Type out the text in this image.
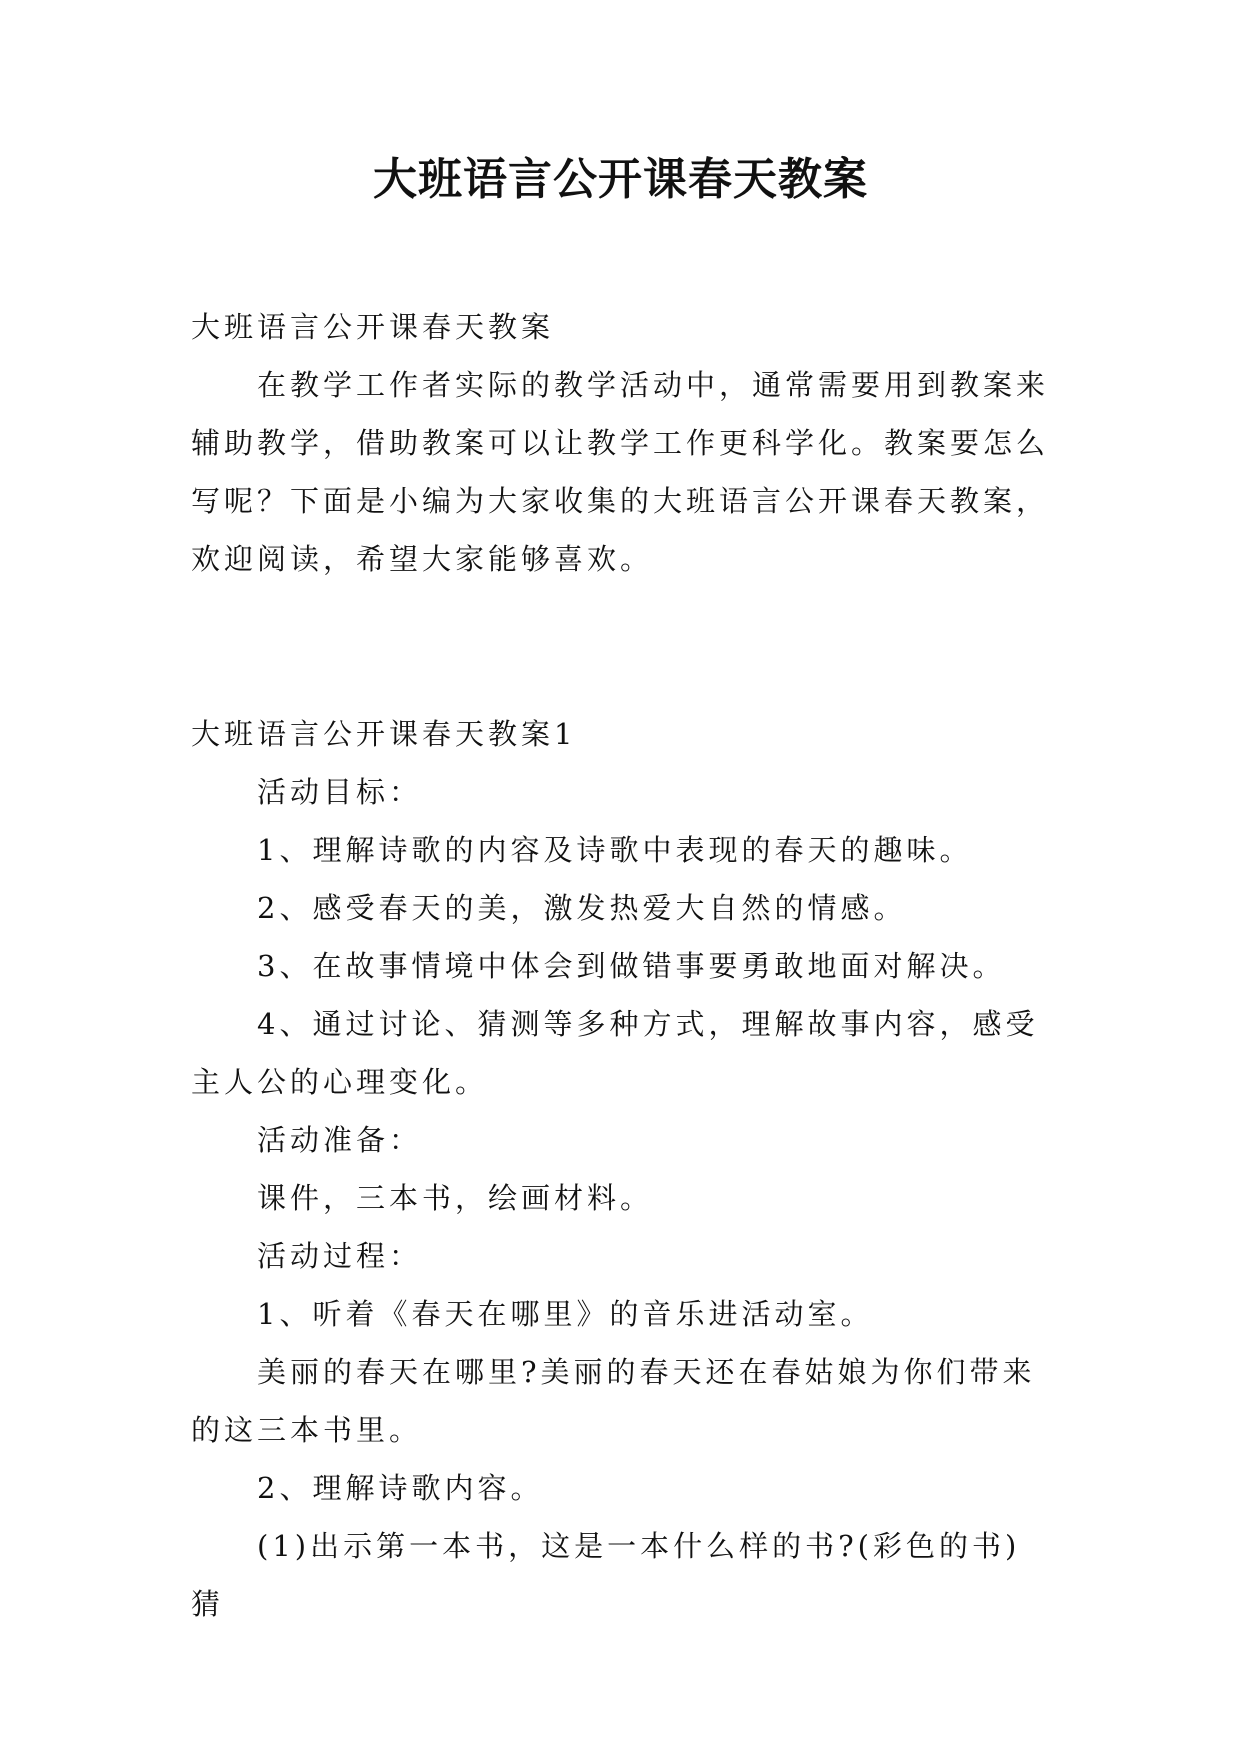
大班语言公开课春天教案

大班语言公开课春天教案

在教学工作者实际的教学活动中，通常需要用到教案来辅助教学，借助教案可以让教学工作更科学化。教案要怎么写呢？下面是小编为大家收集的大班语言公开课春天教案，欢迎阅读，希望大家能够喜欢。

大班语言公开课春天教案1

活动目标：

1、理解诗歌的内容及诗歌中表现的春天的趣味。

2、感受春天的美，激发热爱大自然的情感。

3、在故事情境中体会到做错事要勇敢地面对解决。

4、通过讨论、猜测等多种方式，理解故事内容，感受主人公的心理变化。

活动准备：

课件，三本书，绘画材料。

活动过程：

1、听着《春天在哪里》的音乐进活动室。

美丽的春天在哪里?美丽的春天还在春姑娘为你们带来的这三本书里。

2、理解诗歌内容。

(1)出示第一本书，这是一本什么样的书?(彩色的书)猜
